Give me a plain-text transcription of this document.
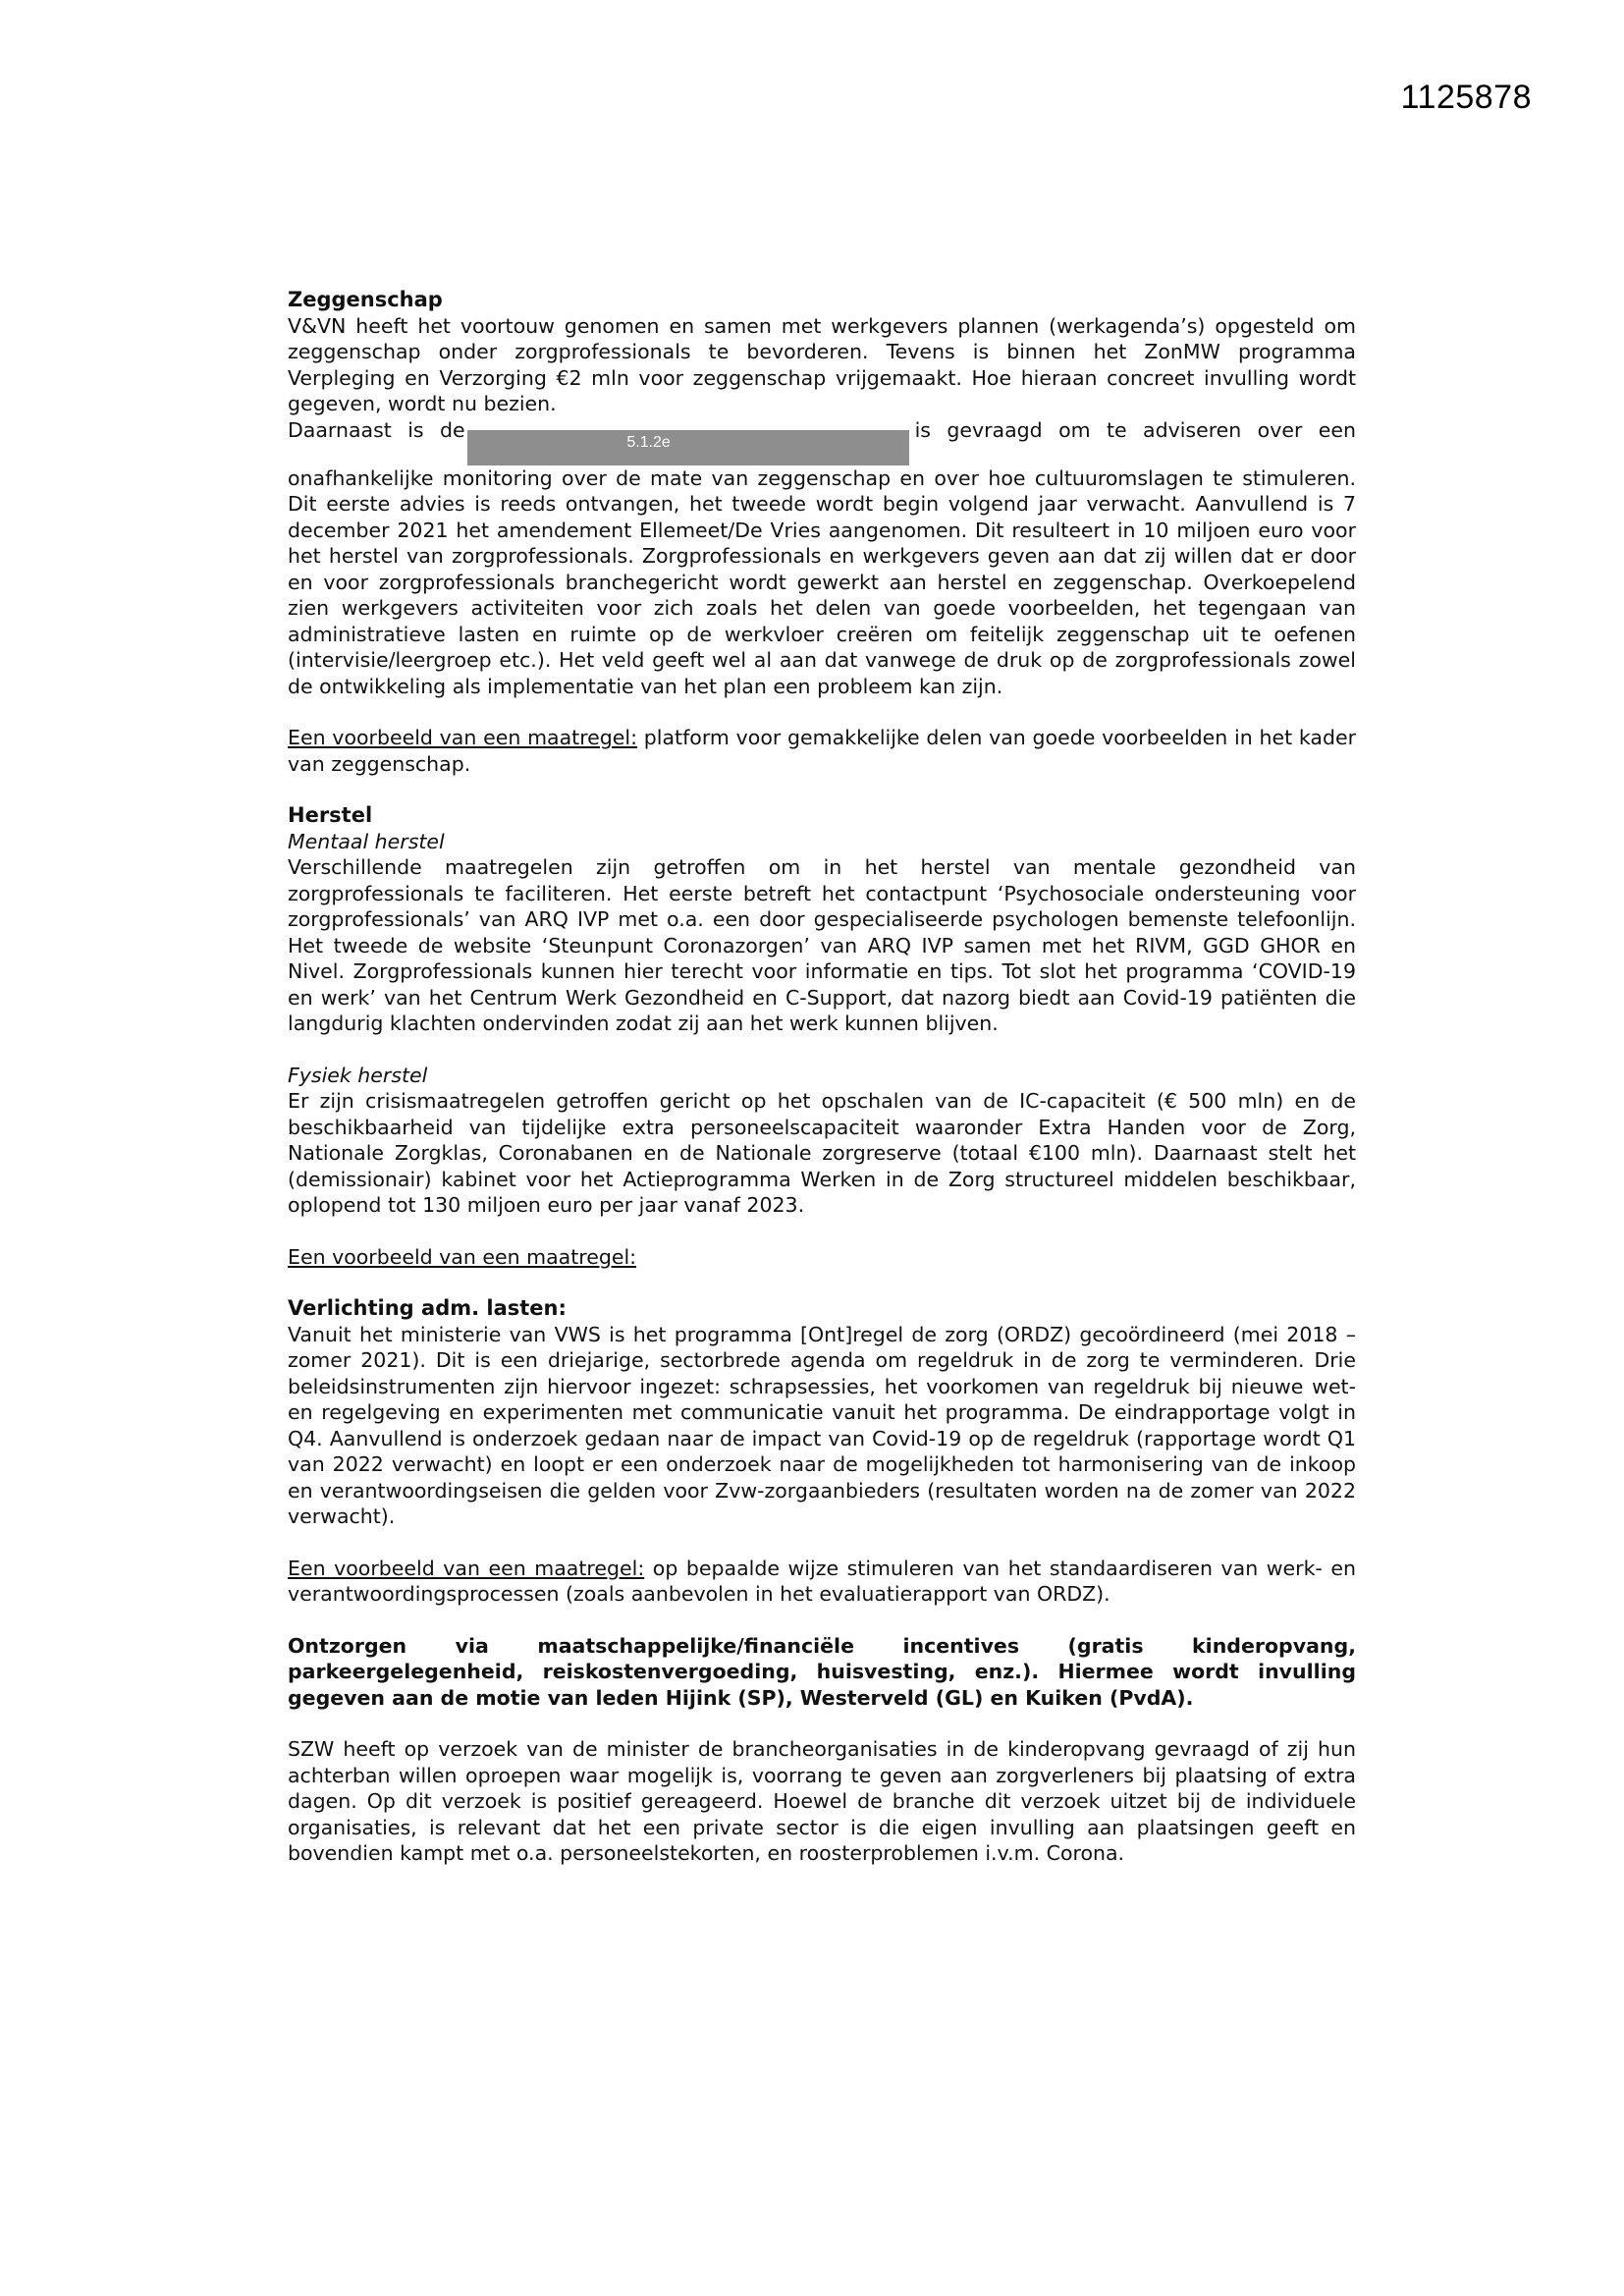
1125878

Zeggenschap

V&VN heeft het voortouw genomen en samen met werkgevers plannen (werkagenda’s) opgesteld om zeggenschap onder zorgprofessionals te bevorderen. Tevens is binnen het ZonMW programma Verpleging en Verzorging €2 mln voor zeggenschap vrijgemaakt. Hoe hieraan concreet invulling wordt gegeven, wordt nu bezien.

Daarnaast is de5.1.2eis gevraagd om te adviseren over een onafhankelijke monitoring over de mate van zeggenschap en over hoe cultuuromslagen te stimuleren. Dit eerste advies is reeds ontvangen, het tweede wordt begin volgend jaar verwacht. Aanvullend is 7 december 2021 het amendement Ellemeet/De Vries aangenomen. Dit resulteert in 10 miljoen euro voor het herstel van zorgprofessionals. Zorgprofessionals en werkgevers geven aan dat zij willen dat er door en voor zorgprofessionals branchegericht wordt gewerkt aan herstel en zeggenschap. Overkoepelend zien werkgevers activiteiten voor zich zoals het delen van goede voorbeelden, het tegengaan van administratieve lasten en ruimte op de werkvloer creëren om feitelijk zeggenschap uit te oefenen (intervisie/leergroep etc.). Het veld geeft wel al aan dat vanwege de druk op de zorgprofessionals zowel de ontwikkeling als implementatie van het plan een probleem kan zijn.

Een voorbeeld van een maatregel: platform voor gemakkelijke delen van goede voorbeelden in het kader van zeggenschap.

Herstel

Mentaal herstel

Verschillende maatregelen zijn getroffen om in het herstel van mentale gezondheid van zorgprofessionals te faciliteren. Het eerste betreft het contactpunt ‘Psychosociale ondersteuning voor zorgprofessionals’ van ARQ IVP met o.a. een door gespecialiseerde psychologen bemenste telefoonlijn. Het tweede de website ‘Steunpunt Coronazorgen’ van ARQ IVP samen met het RIVM, GGD GHOR en Nivel. Zorgprofessionals kunnen hier terecht voor informatie en tips. Tot slot het programma ‘COVID-19 en werk’ van het Centrum Werk Gezondheid en C-Support, dat nazorg biedt aan Covid-19 patiënten die langdurig klachten ondervinden zodat zij aan het werk kunnen blijven.

Fysiek herstel

Er zijn crisismaatregelen getroffen gericht op het opschalen van de IC-capaciteit (€ 500 mln) en de beschikbaarheid van tijdelijke extra personeelscapaciteit waaronder Extra Handen voor de Zorg, Nationale Zorgklas, Coronabanen en de Nationale zorgreserve (totaal €100 mln). Daarnaast stelt het (demissionair) kabinet voor het Actieprogramma Werken in de Zorg structureel middelen beschikbaar, oplopend tot 130 miljoen euro per jaar vanaf 2023.

Een voorbeeld van een maatregel:

Verlichting adm. lasten:

Vanuit het ministerie van VWS is het programma [Ont]regel de zorg (ORDZ) gecoördineerd (mei 2018 – zomer 2021). Dit is een driejarige, sectorbrede agenda om regeldruk in de zorg te verminderen. Drie beleidsinstrumenten zijn hiervoor ingezet: schrapsessies, het voorkomen van regeldruk bij nieuwe wet- en regelgeving en experimenten met communicatie vanuit het programma. De eindrapportage volgt in Q4. Aanvullend is onderzoek gedaan naar de impact van Covid-19 op de regeldruk (rapportage wordt Q1 van 2022 verwacht) en loopt er een onderzoek naar de mogelijkheden tot harmonisering van de inkoop en verantwoordingseisen die gelden voor Zvw-zorgaanbieders (resultaten worden na de zomer van 2022 verwacht).

Een voorbeeld van een maatregel: op bepaalde wijze stimuleren van het standaardiseren van werk- en verantwoordingsprocessen (zoals aanbevolen in het evaluatierapport van ORDZ).

Ontzorgen via maatschappelijke/financiële incentives (gratis kinderopvang, parkeergelegenheid, reiskostenvergoeding, huisvesting, enz.). Hiermee wordt invulling gegeven aan de motie van leden Hijink (SP), Westerveld (GL) en Kuiken (PvdA).

SZW heeft op verzoek van de minister de brancheorganisaties in de kinderopvang gevraagd of zij hun achterban willen oproepen waar mogelijk is, voorrang te geven aan zorgverleners bij plaatsing of extra dagen. Op dit verzoek is positief gereageerd. Hoewel de branche dit verzoek uitzet bij de individuele organisaties, is relevant dat het een private sector is die eigen invulling aan plaatsingen geeft en bovendien kampt met o.a. personeelstekorten, en roosterproblemen i.v.m. Corona.
